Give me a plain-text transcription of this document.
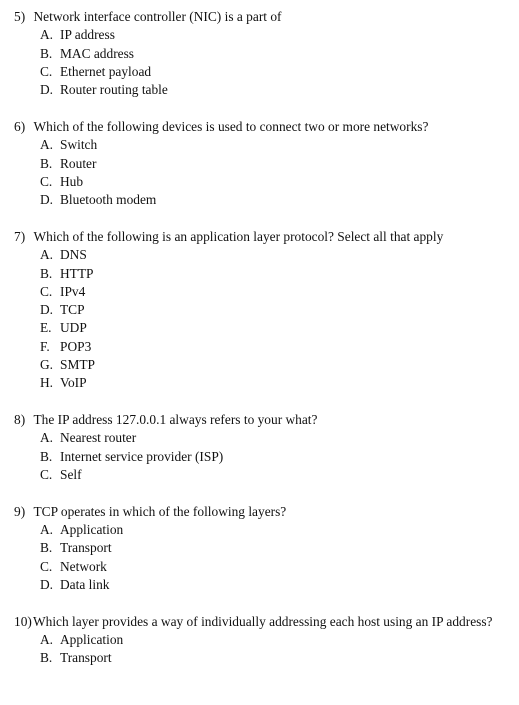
5) Network interface controller (NIC) is a part of
A. IP address
B. MAC address
C. Ethernet payload
D. Router routing table
6) Which of the following devices is used to connect two or more networks?
A. Switch
B. Router
C. Hub
D. Bluetooth modem
7) Which of the following is an application layer protocol? Select all that apply
A. DNS
B. HTTP
C. IPv4
D. TCP
E. UDP
F. POP3
G. SMTP
H. VoIP
8) The IP address 127.0.0.1 always refers to your what?
A. Nearest router
B. Internet service provider (ISP)
C. Self
9) TCP operates in which of the following layers?
A. Application
B. Transport
C. Network
D. Data link
10) Which layer provides a way of individually addressing each host using an IP address?
A. Application
B. Transport
